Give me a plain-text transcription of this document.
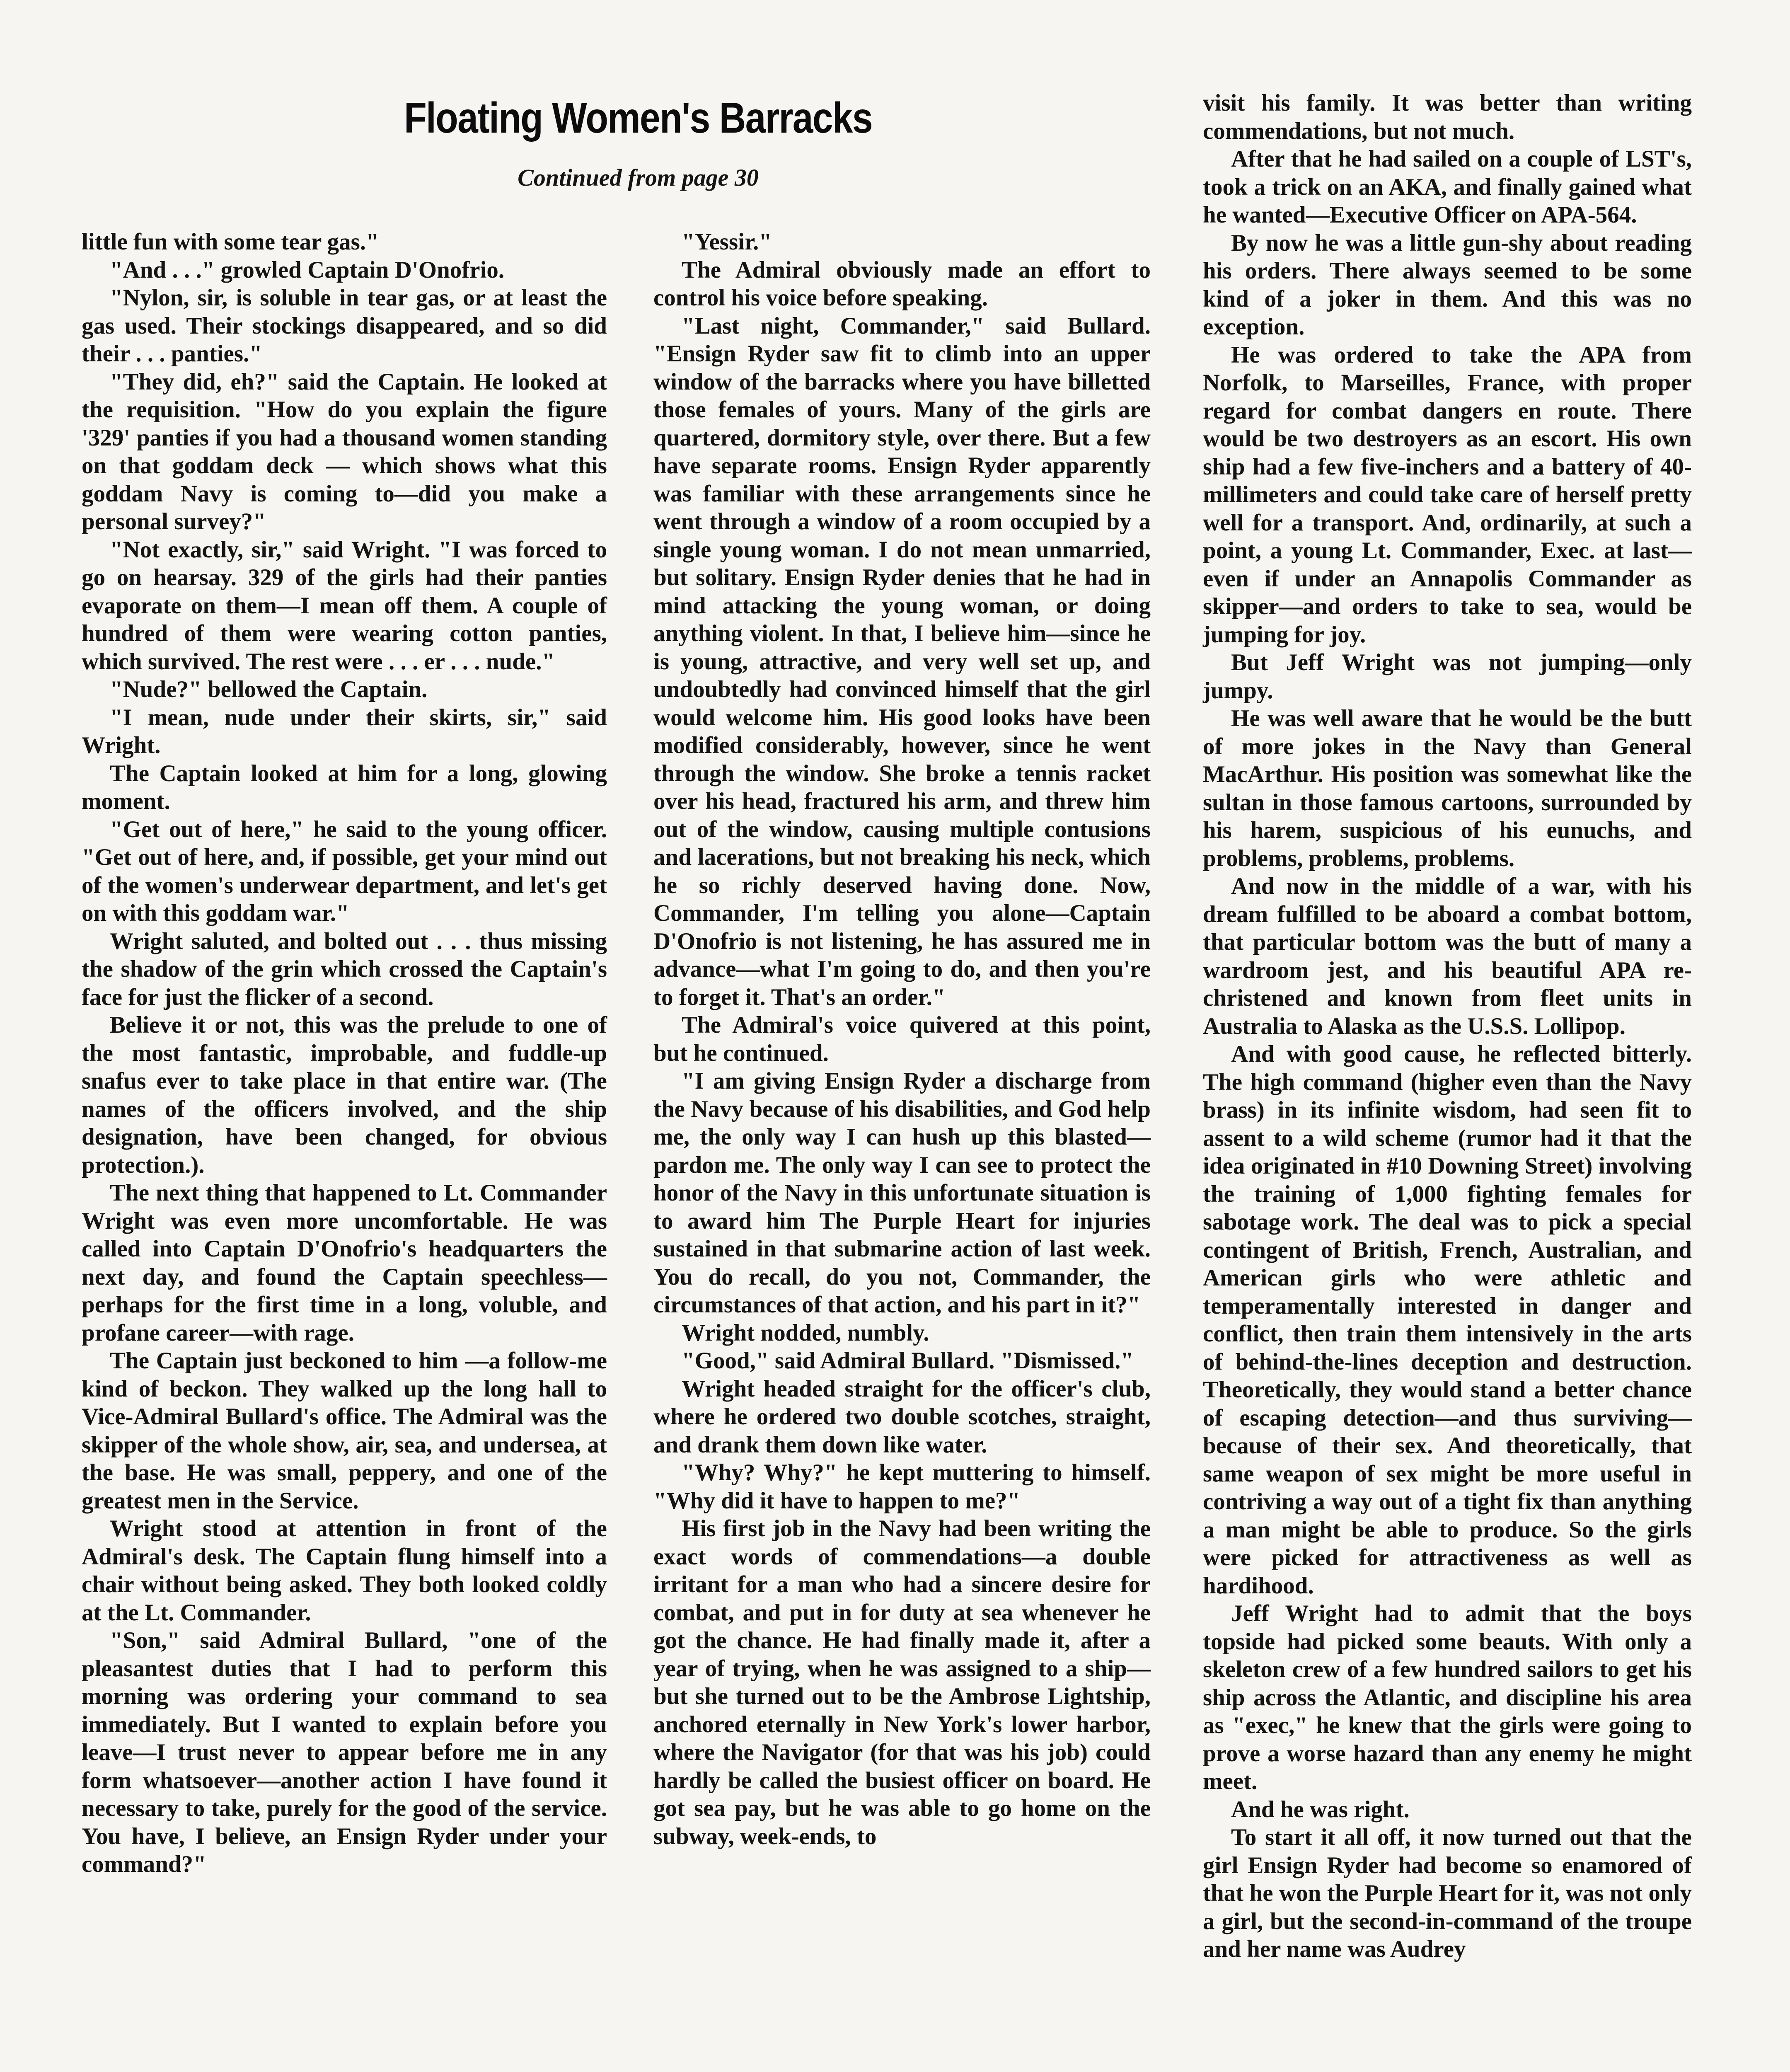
Floating Women's Barracks
Continued from page 30

little fun with some tear gas."

"And . . ." growled Captain D'Onofrio.

"Nylon, sir, is soluble in tear gas, or at least the gas used. Their stockings disappeared, and so did their . . . panties."

"They did, eh?" said the Captain. He looked at the requisition. "How do you explain the figure '329' panties if you had a thousand women standing on that goddam deck — which shows what this goddam Navy is coming to—did you make a personal survey?"

"Not exactly, sir," said Wright. "I was forced to go on hearsay. 329 of the girls had their panties evaporate on them—I mean off them. A couple of hundred of them were wearing cotton panties, which survived. The rest were . . . er . . . nude."

"Nude?" bellowed the Captain.

"I mean, nude under their skirts, sir," said Wright.

The Captain looked at him for a long, glowing moment.

"Get out of here," he said to the young officer. "Get out of here, and, if possible, get your mind out of the women's underwear department, and let's get on with this goddam war."

Wright saluted, and bolted out . . . thus missing the shadow of the grin which crossed the Captain's face for just the flicker of a second.

Believe it or not, this was the prelude to one of the most fantastic, improbable, and fuddle-up snafus ever to take place in that entire war. (The names of the officers involved, and the ship designation, have been changed, for obvious protection.).

The next thing that happened to Lt. Commander Wright was even more uncomfortable. He was called into Captain D'Onofrio's headquarters the next day, and found the Captain speechless—perhaps for the first time in a long, voluble, and profane career—with rage.

The Captain just beckoned to him —a follow-me kind of beckon. They walked up the long hall to Vice-Admiral Bullard's office. The Admiral was the skipper of the whole show, air, sea, and undersea, at the base. He was small, peppery, and one of the greatest men in the Service.

Wright stood at attention in front of the Admiral's desk. The Captain flung himself into a chair without being asked. They both looked coldly at the Lt. Commander.

"Son," said Admiral Bullard, "one of the pleasantest duties that I had to perform this morning was ordering your command to sea immediately. But I wanted to explain before you leave—I trust never to appear before me in any form whatsoever—another action I have found it necessary to take, purely for the good of the service. You have, I believe, an Ensign Ryder under your command?"

"Yessir."

The Admiral obviously made an effort to control his voice before speaking.

"Last night, Commander," said Bullard. "Ensign Ryder saw fit to climb into an upper window of the barracks where you have billetted those females of yours. Many of the girls are quartered, dormitory style, over there. But a few have separate rooms. Ensign Ryder apparently was familiar with these arrangements since he went through a window of a room occupied by a single young woman. I do not mean unmarried, but solitary. Ensign Ryder denies that he had in mind attacking the young woman, or doing anything violent. In that, I believe him—since he is young, attractive, and very well set up, and undoubtedly had convinced himself that the girl would welcome him. His good looks have been modified considerably, however, since he went through the window. She broke a tennis racket over his head, fractured his arm, and threw him out of the window, causing multiple contusions and lacerations, but not breaking his neck, which he so richly deserved having done. Now, Commander, I'm telling you alone—Captain D'Onofrio is not listening, he has assured me in advance—what I'm going to do, and then you're to forget it. That's an order."

The Admiral's voice quivered at this point, but he continued.

"I am giving Ensign Ryder a discharge from the Navy because of his disabilities, and God help me, the only way I can hush up this blasted—pardon me. The only way I can see to protect the honor of the Navy in this unfortunate situation is to award him The Purple Heart for injuries sustained in that submarine action of last week. You do recall, do you not, Commander, the circumstances of that action, and his part in it?"

Wright nodded, numbly.

"Good," said Admiral Bullard. "Dismissed."

Wright headed straight for the officer's club, where he ordered two double scotches, straight, and drank them down like water.

"Why? Why?" he kept muttering to himself. "Why did it have to happen to me?"

His first job in the Navy had been writing the exact words of commendations—a double irritant for a man who had a sincere desire for combat, and put in for duty at sea whenever he got the chance. He had finally made it, after a year of trying, when he was assigned to a ship—but she turned out to be the Ambrose Lightship, anchored eternally in New York's lower harbor, where the Navigator (for that was his job) could hardly be called the busiest officer on board. He got sea pay, but he was able to go home on the subway, week-ends, to

visit his family. It was better than writing commendations, but not much.

After that he had sailed on a couple of LST's, took a trick on an AKA, and finally gained what he wanted—Executive Officer on APA-564.

By now he was a little gun-shy about reading his orders. There always seemed to be some kind of a joker in them. And this was no exception.

He was ordered to take the APA from Norfolk, to Marseilles, France, with proper regard for combat dangers en route. There would be two destroyers as an escort. His own ship had a few five-inchers and a battery of 40-millimeters and could take care of herself pretty well for a transport. And, ordinarily, at such a point, a young Lt. Commander, Exec. at last—even if under an Annapolis Commander as skipper—and orders to take to sea, would be jumping for joy.

But Jeff Wright was not jumping—only jumpy.

He was well aware that he would be the butt of more jokes in the Navy than General MacArthur. His position was somewhat like the sultan in those famous cartoons, surrounded by his harem, suspicious of his eunuchs, and problems, problems, problems.

And now in the middle of a war, with his dream fulfilled to be aboard a combat bottom, that particular bottom was the butt of many a wardroom jest, and his beautiful APA re-christened and known from fleet units in Australia to Alaska as the U.S.S. Lollipop.

And with good cause, he reflected bitterly. The high command (higher even than the Navy brass) in its infinite wisdom, had seen fit to assent to a wild scheme (rumor had it that the idea originated in #10 Downing Street) involving the training of 1,000 fighting females for sabotage work. The deal was to pick a special contingent of British, French, Australian, and American girls who were athletic and temperamentally interested in danger and conflict, then train them intensively in the arts of behind-the-lines deception and destruction. Theoretically, they would stand a better chance of escaping detection—and thus surviving—because of their sex. And theoretically, that same weapon of sex might be more useful in contriving a way out of a tight fix than anything a man might be able to produce. So the girls were picked for attractiveness as well as hardihood.

Jeff Wright had to admit that the boys topside had picked some beauts. With only a skeleton crew of a few hundred sailors to get his ship across the Atlantic, and discipline his area as "exec," he knew that the girls were going to prove a worse hazard than any enemy he might meet.

And he was right.

To start it all off, it now turned out that the girl Ensign Ryder had become so enamored of that he won the Purple Heart for it, was not only a girl, but the second-in-command of the troupe and her name was Audrey
